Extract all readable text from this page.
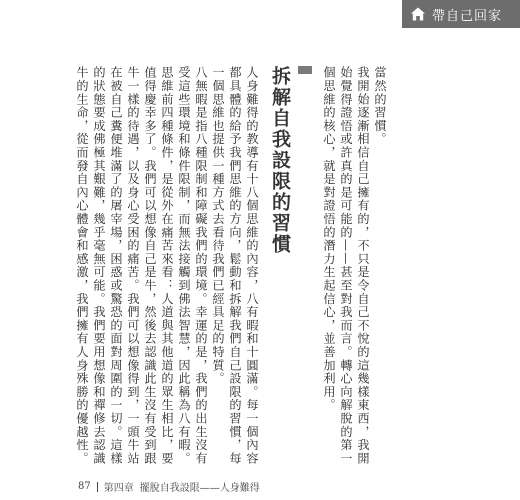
帶自己回家

當然的習慣。

我開始逐漸相信自己擁有的，不只是令自己不悅的這幾樣東西，我開始覺得證悟或許真的是可能的——甚至對我而言。轉心向解脫的第一個思維的核心，就是對證悟的潛力生起信心，並善加利用。

拆解自我設限的習慣

人身難得的教導有十八個思維的內容，八有暇和十圓滿。每一個內容都具體的給予我們思維的方向，鬆動和拆解我們自己設限的習慣，每一個思維也提供一種方式去看待我們已經具足的特質。

八無暇是指八種限制和障礙我們的環境。幸運的是，我們的出生沒有受這些環境和條件限制，而無法接觸到佛法智慧，因此稱為八有暇。

思維前四種條件，是從外在痛苦來看：人道與其他道的眾生相比，要值得慶幸多了。我們可以想像自己是牛，然後去認識此生沒有受到跟牛一樣的待遇，以及身心受困的痛苦。我們可以想像得到，一頭牛站在被自己糞便堆滿了的屠宰場，困惑或驚恐的面對周圍的一切。這樣的狀態要成佛極其艱難，幾乎毫無可能。我們要用想像和禪修去認識牛的生命，從而發自內心體會和感激，我們擁有人身殊勝的優越性。

87 第四章 擺脫自我設限——人身難得
